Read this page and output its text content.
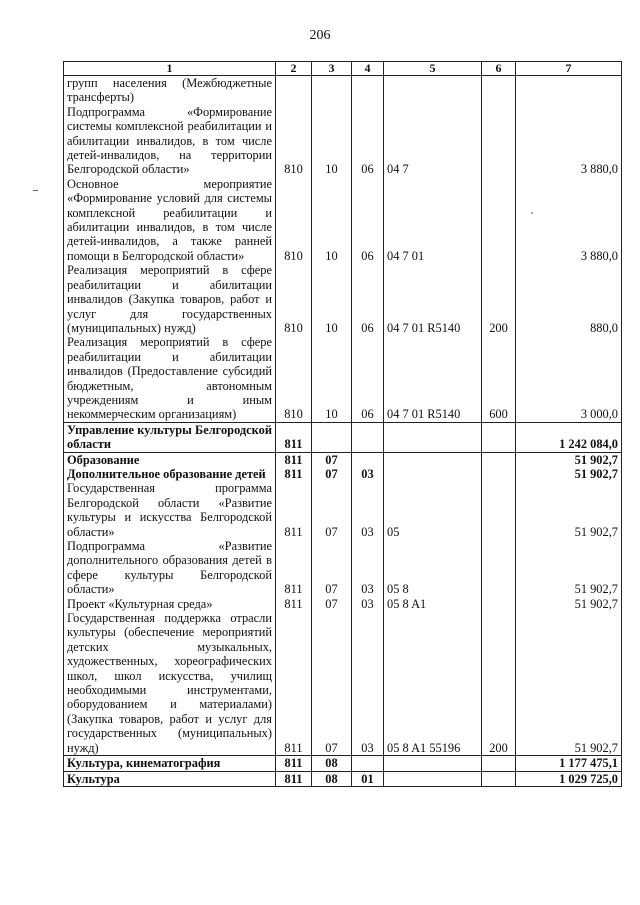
206
1	2	3	4	5	6	7
групп населения (Межбюджетные трансферты)						
Подпрограмма «Формирование системы комплексной реабилитации и абилитации инвалидов, в том числе детей-инвалидов, на территории Белгородской области»	810	10	06	04 7		3 880,0
Основное мероприятие «Формирование условий для системы комплексной реабилитации и абилитации инвалидов, в том числе детей-инвалидов, а также ранней помощи в Белгородской области»	810	10	06	04 7 01		3 880,0
Реализация мероприятий в сфере реабилитации и абилитации инвалидов (Закупка товаров, работ и услуг для государственных (муниципальных) нужд)	810	10	06	04 7 01 R5140	200	880,0
Реализация мероприятий в сфере реабилитации и абилитации инвалидов (Предоставление субсидий бюджетным, автономным учреждениям и иным некоммерческим организациям)	810	10	06	04 7 01 R5140	600	3 000,0
Управление культуры Белгородской области	811					1 242 084,0
Образование	811	07				51 902,7
Дополнительное образование детей	811	07	03			51 902,7
Государственная программа Белгородской области «Развитие культуры и искусства Белгородской области»	811	07	03	05		51 902,7
Подпрограмма «Развитие дополнительного образования детей в сфере культуры Белгородской области»	811	07	03	05 8		51 902,7
Проект «Культурная среда»	811	07	03	05 8 A1		51 902,7
Государственная поддержка отрасли культуры (обеспечение мероприятий детских музыкальных, художественных, хореографических школ, школ искусства, училищ необходимыми инструментами, оборудованием и материалами) (Закупка товаров, работ и услуг для государственных (муниципальных) нужд)	811	07	03	05 8 A1 55196	200	51 902,7
Культура, кинематография	811	08				1 177 475,1
Культура	811	08	01			1 029 725,0
